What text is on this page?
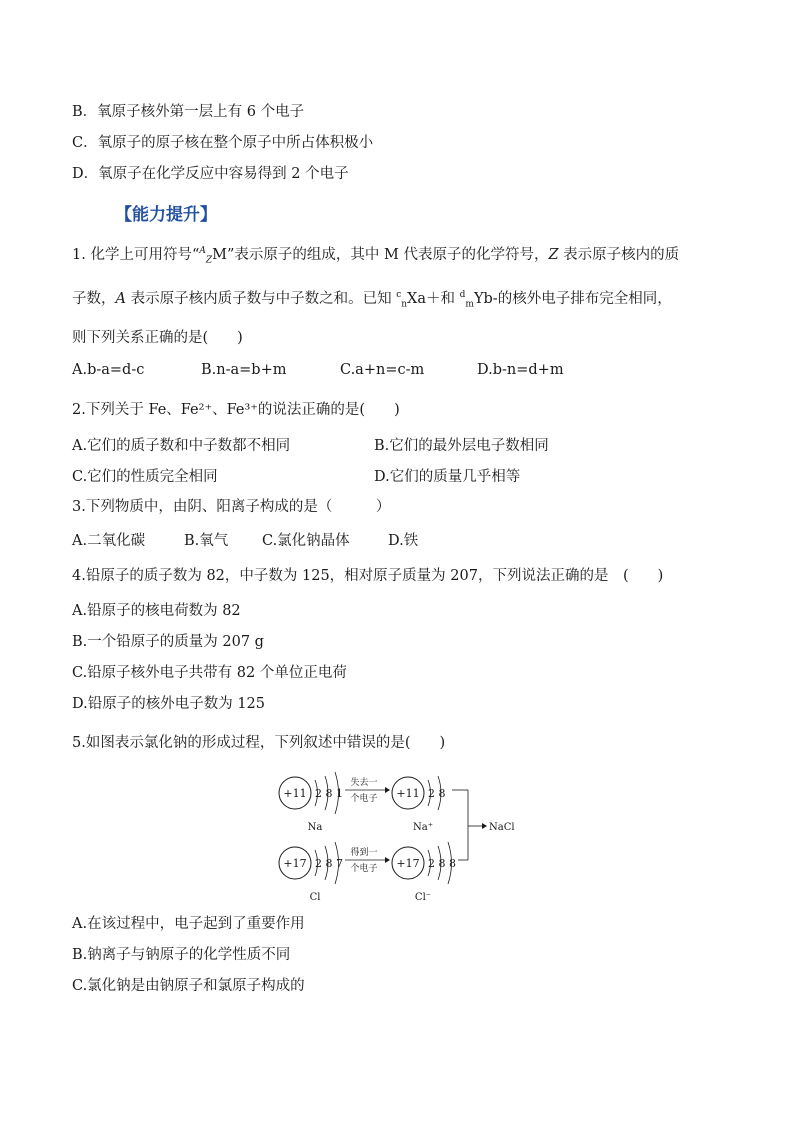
B．氧原子核外第一层上有 6 个电子
C．氧原子的原子核在整个原子中所占体积极小
D．氧原子在化学反应中容易得到 2 个电子
【能力提升】
1. 化学上可用符号“$^A_Z$M”表示原子的组成，其中 M 代表原子的化学符号，Z 表示原子核内的质
子数，A 表示原子核内质子数与中子数之和。已知 $^c_n$Xa＋和 $^d_m$Yb-的核外电子排布完全相同，
则下列关系正确的是(　　)
A.b-a=d-c	B.n-a=b+m	C.a+n=c-m	D.b-n=d+m
2.下列关于 Fe、Fe²⁺、Fe³⁺的说法正确的是(　　)
A.它们的质子数和中子数都不相同	B.它们的最外层电子数相同
C.它们的性质完全相同	D.它们的质量几乎相等
3.下列物质中，由阴、阳离子构成的是（　　　）
A.二氧化碳	B.氧气 C.氯化钠晶体	D.铁
4.铅原子的质子数为 82，中子数为 125，相对原子质量为 207，下列说法正确的是　(　　)
A.铅原子的核电荷数为 82
B.一个铅原子的质量为 207 g
C.铅原子核外电子共带有 82 个单位正电荷
D.铅原子的核外电子数为 125
5.如图表示氯化钠的形成过程，下列叙述中错误的是(　　)
+11 2 8 1
Na
失去一
个电子 +11 2 8
Na⁺
+17 2 8 7
Cl
得到一
个电子 +17 2 8 8
Cl⁻
NaCl
A.在该过程中，电子起到了重要作用
B.钠离子与钠原子的化学性质不同
C.氯化钠是由钠原子和氯原子构成的
